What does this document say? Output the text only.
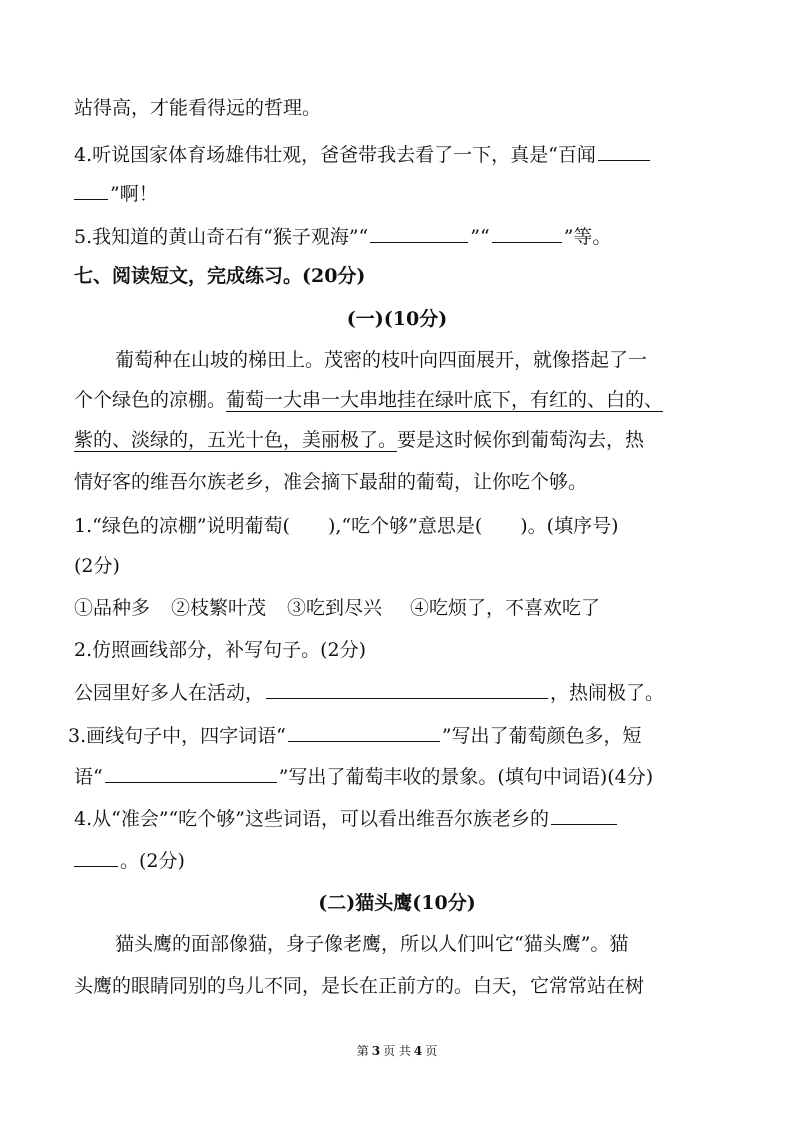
站得高，才能看得远的哲理。
4.听说国家体育场雄伟壮观，爸爸带我去看了一下，真是“百闻
”啊！
5.我知道的黄山奇石有“猴子观海”“	”“	”等。
七、阅读短文，完成练习。(20分)
(一)(10分)
葡萄种在山坡的梯田上。茂密的枝叶向四面展开，就像搭起了一
个个绿色的凉棚。葡萄一大串一大串地挂在绿叶底下，有红的、白的、
紫的、淡绿的，五光十色，美丽极了。要是这时候你到葡萄沟去，热
情好客的维吾尔族老乡，准会摘下最甜的葡萄，让你吃个够。
1.“绿色的凉棚”说明葡萄(　　),“吃个够”意思是(　　)。(填序号)
(2分)
①品种多 ②枝繁叶茂 ③吃到尽兴 ④吃烦了，不喜欢吃了
2.仿照画线部分，补写句子。(2分)
公园里好多人在活动，	，热闹极了。
3.画线句子中，四字词语“	”写出了葡萄颜色多，短
语“	”写出了葡萄丰收的景象。(填句中词语)(4分)
4.从“准会”“吃个够”这些词语，可以看出维吾尔族老乡的
。(2分)
(二)猫头鹰(10分)
猫头鹰的面部像猫，身子像老鹰，所以人们叫它“猫头鹰”。猫
头鹰的眼睛同别的鸟儿不同，是长在正前方的。白天，它常常站在树
第 3 页 共 4 页
